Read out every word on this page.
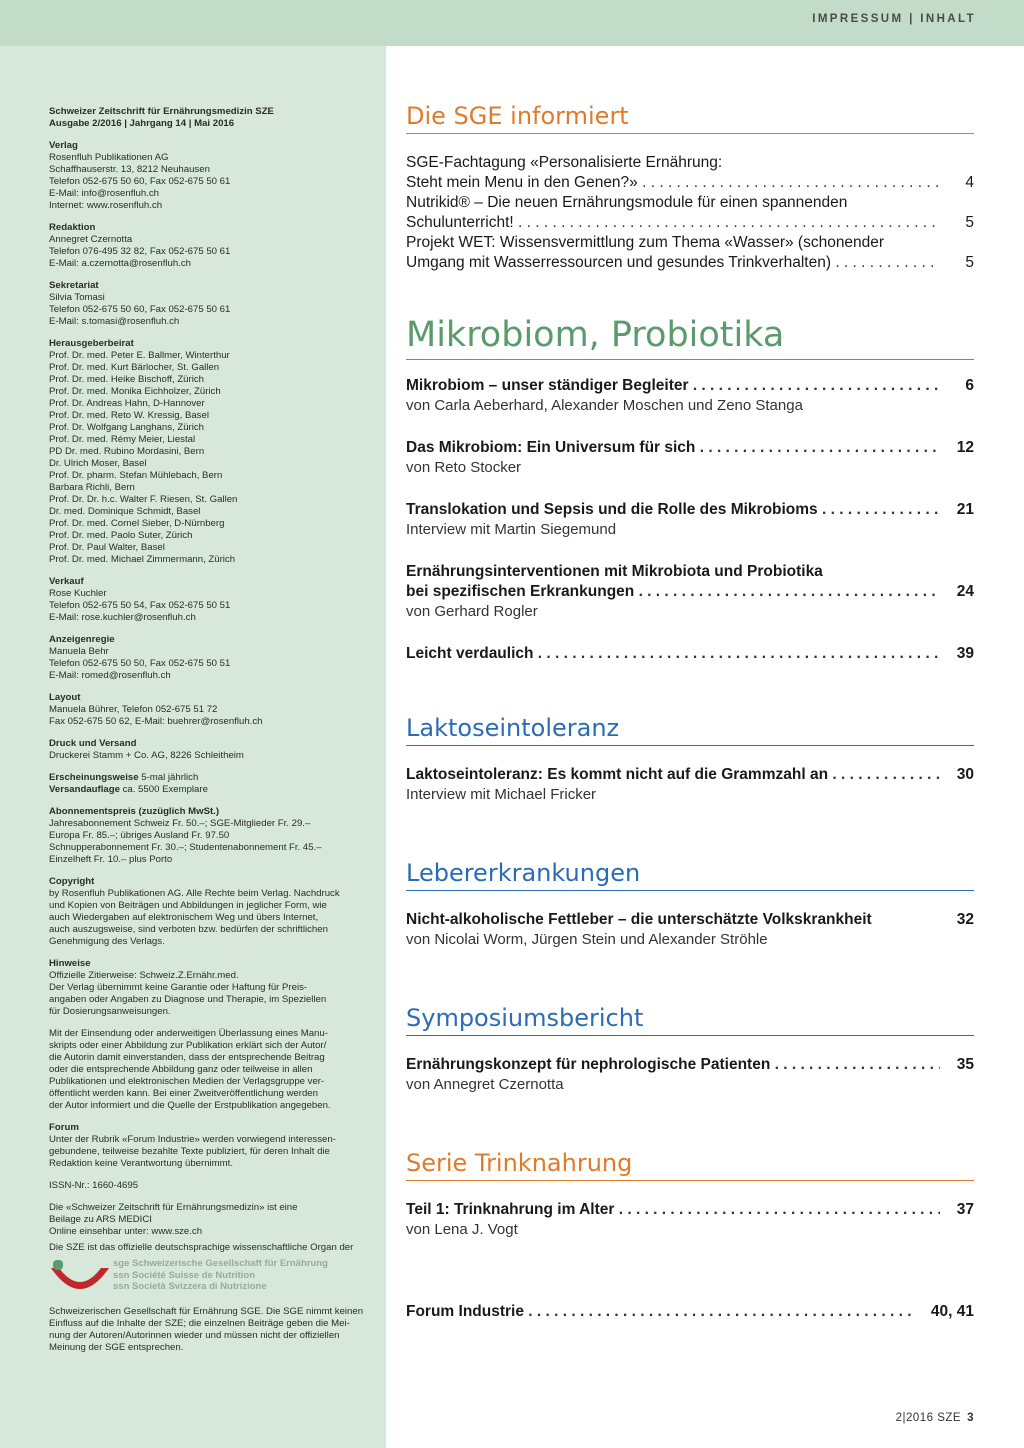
IMPRESSUM | INHALT
Schweizer Zeitschrift für Ernährungsmedizin SZE
Ausgabe 2/2016 | Jahrgang 14 | Mai 2016
Verlag
Rosenfluh Publikationen AG
Schaffhauserstr. 13, 8212 Neuhausen
Telefon 052-675 50 60, Fax 052-675 50 61
E-Mail: info@rosenfluh.ch
Internet: www.rosenfluh.ch
Redaktion
Annegret Czernotta
Telefon 076-495 32 82, Fax 052-675 50 61
E-Mail: a.czernotta@rosenfluh.ch
Sekretariat
Silvia Tomasi
Telefon 052-675 50 60, Fax 052-675 50 61
E-Mail: s.tomasi@rosenfluh.ch
Herausgeberbeirat
Prof. Dr. med. Peter E. Ballmer, Winterthur
Prof. Dr. med. Kurt Bärlocher, St. Gallen
Prof. Dr. med. Heike Bischoff, Zürich
Prof. Dr. med. Monika Eichholzer, Zürich
Prof. Dr. Andreas Hahn, D-Hannover
Prof. Dr. med. Reto W. Kressig, Basel
Prof. Dr. Wolfgang Langhans, Zürich
Prof. Dr. med. Rémy Meier, Liestal
PD Dr. med. Rubino Mordasini, Bern
Dr. Ulrich Moser, Basel
Prof. Dr. pharm. Stefan Mühlebach, Bern
Barbara Richli, Bern
Prof. Dr. Dr. h.c. Walter F. Riesen, St. Gallen
Dr. med. Dominique Schmidt, Basel
Prof. Dr. med. Cornel Sieber, D-Nürnberg
Prof. Dr. med. Paolo Suter, Zürich
Prof. Dr. Paul Walter, Basel
Prof. Dr. med. Michael Zimmermann, Zürich
Verkauf
Rose Kuchler
Telefon 052-675 50 54, Fax 052-675 50 51
E-Mail: rose.kuchler@rosenfluh.ch
Anzeigenregie
Manuela Behr
Telefon 052-675 50 50, Fax 052-675 50 51
E-Mail: romed@rosenfluh.ch
Layout
Manuela Bührer, Telefon 052-675 51 72
Fax 052-675 50 62, E-Mail: buehrer@rosenfluh.ch
Druck und Versand
Druckerei Stamm + Co. AG, 8226 Schleitheim
Erscheinungsweise 5-mal jährlich
Versandauflage ca. 5500 Exemplare
Abonnementspreis (zuzüglich MwSt.)
Jahresabonnement Schweiz Fr. 50.–; SGE-Mitglieder Fr. 29.–
Europa Fr. 85.–; übriges Ausland Fr. 97.50
Schnupperabonnement Fr. 30.–; Studentenabonnement Fr. 45.–
Einzelheft Fr. 10.– plus Porto
Copyright
by Rosenfluh Publikationen AG. Alle Rechte beim Verlag. Nachdruck
und Kopien von Beiträgen und Abbildungen in jeglicher Form, wie
auch Wiedergaben auf elektronischem Weg und übers Internet,
auch auszugsweise, sind verboten bzw. bedürfen der schriftlichen
Genehmigung des Verlags.
Hinweise
Offizielle Zitierweise: Schweiz.Z.Ernähr.med.
Der Verlag übernimmt keine Garantie oder Haftung für Preis-
angaben oder Angaben zu Diagnose und Therapie, im Speziellen
für Dosierungsanweisungen.
Mit der Einsendung oder anderweitigen Überlassung eines Manu-
skripts oder einer Abbildung zur Publikation erklärt sich der Autor/
die Autorin damit einverstanden, dass der entsprechende Beitrag
oder die entsprechende Abbildung ganz oder teilweise in allen
Publikationen und elektronischen Medien der Verlagsgruppe ver-
öffentlicht werden kann. Bei einer Zweitveröffentlichung werden
der Autor informiert und die Quelle der Erstpublikation angegeben.
Forum
Unter der Rubrik «Forum Industrie» werden vorwiegend interessen-
gebundene, teilweise bezahlte Texte publiziert, für deren Inhalt die
Redaktion keine Verantwortung übernimmt.
ISSN-Nr.: 1660-4695
Die «Schweizer Zeitschrift für Ernährungsmedizin» ist eine
Beilage zu ARS MEDICI
Online einsehbar unter: www.sze.ch
Die SZE ist das offizielle deutschsprachige wissenschaftliche Organ der
sge Schweizerische Gesellschaft für Ernährung
ssn Société Suisse de Nutrition
ssn Società Svizzera di Nutrizione
Schweizerischen Gesellschaft für Ernährung SGE. Die SGE nimmt keinen
Einfluss auf die Inhalte der SZE; die einzelnen Beiträge geben die Mei-
nung der Autoren/Autorinnen wieder und müssen nicht der offiziellen
Meinung der SGE entsprechen.
Die SGE informiert
SGE-Fachtagung «Personalisierte Ernährung:
Steht mein Menu in den Genen?» . . .	4
Nutrikid® – Die neuen Ernährungsmodule für einen spannenden
Schulunterricht! . . .	5
Projekt WET: Wissensvermittlung zum Thema «Wasser» (schonender
Umgang mit Wasserressourcen und gesundes Trinkverhalten) . . .	5
Mikrobiom, Probiotika
Mikrobiom – unser ständiger Begleiter . . .	6
von Carla Aeberhard, Alexander Moschen und Zeno Stanga
Das Mikrobiom: Ein Universum für sich . . .	12
von Reto Stocker
Translokation und Sepsis und die Rolle des Mikrobioms . . .	21
Interview mit Martin Siegemund
Ernährungsinterventionen mit Mikrobiota und Probiotika
bei spezifischen Erkrankungen . . .	24
von Gerhard Rogler
Leicht verdaulich . . .	39
Laktoseintoleranz
Laktoseintoleranz: Es kommt nicht auf die Grammzahl an . . .	30
Interview mit Michael Fricker
Lebererkrankungen
Nicht-alkoholische Fettleber – die unterschätzte Volkskrankheit	32
von Nicolai Worm, Jürgen Stein und Alexander Ströhle
Symposiumsbericht
Ernährungskonzept für nephrologische Patienten . . .	35
von Annegret Czernotta
Serie Trinknahrung
Teil 1: Trinknahrung im Alter . . .	37
von Lena J. Vogt
Forum Industrie . . .	40, 41
2|2016 SZE 3
